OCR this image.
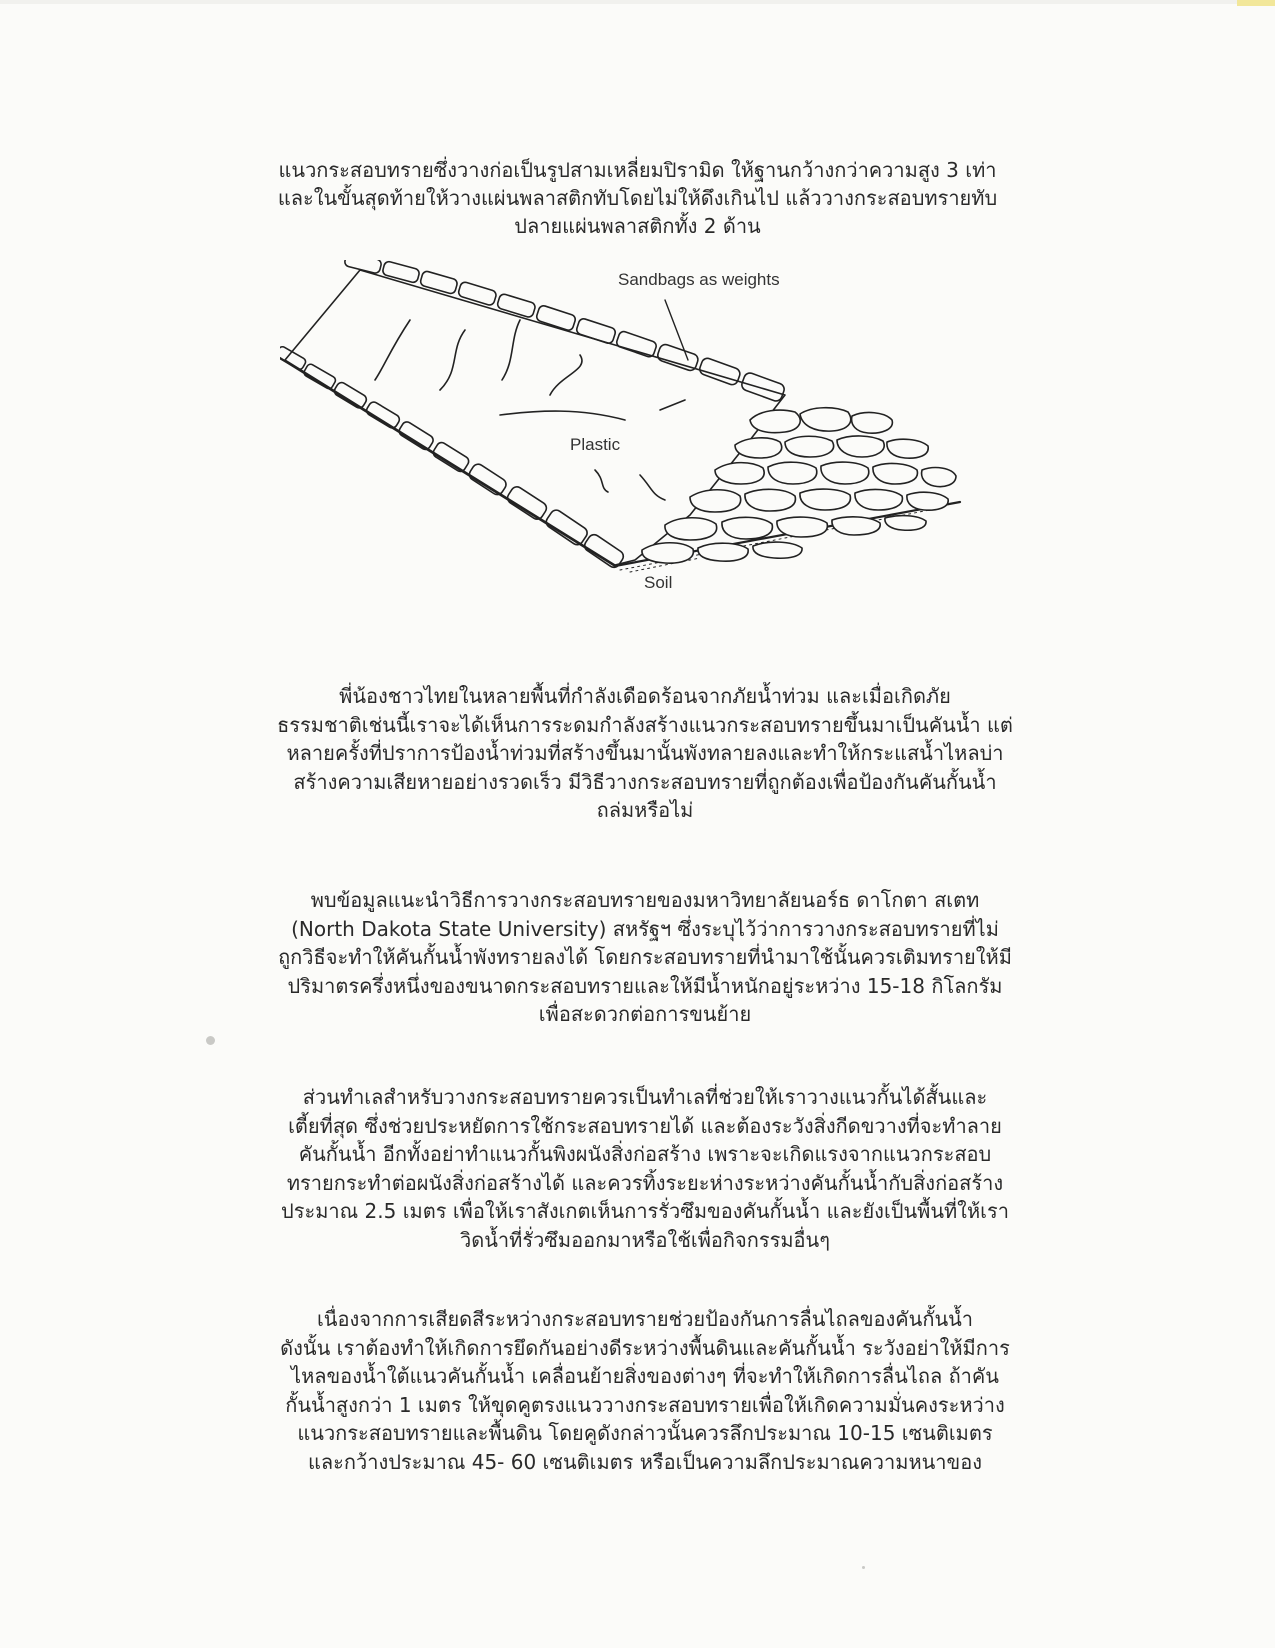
แนวกระสอบทรายซึ่งวางก่อเป็นรูปสามเหลี่ยมปิรามิด ให้ฐานกว้างกว่าความสูง 3 เท่า

และในขั้นสุดท้ายให้วางแผ่นพลาสติกทับโดยไม่ให้ดึงเกินไป แล้ววางกระสอบทรายทับ

ปลายแผ่นพลาสติกทั้ง 2 ด้าน

Sandbags as weights
Plastic
Soil

พี่น้องชาวไทยในหลายพื้นที่กำลังเดือดร้อนจากภัยน้ำท่วม และเมื่อเกิดภัย

ธรรมชาติเช่นนี้เราจะได้เห็นการระดมกำลังสร้างแนวกระสอบทรายขึ้นมาเป็นคันน้ำ แต่

หลายครั้งที่ปราการป้องน้ำท่วมที่สร้างขึ้นมานั้นพังทลายลงและทำให้กระแสน้ำไหลบ่า

สร้างความเสียหายอย่างรวดเร็ว มีวิธีวางกระสอบทรายที่ถูกต้องเพื่อป้องกันคันกั้นน้ำ

ถล่มหรือไม่

พบข้อมูลแนะนำวิธีการวางกระสอบทรายของมหาวิทยาลัยนอร์ธ ดาโกตา สเตท

(North Dakota State University) สหรัฐฯ ซึ่งระบุไว้ว่าการวางกระสอบทรายที่ไม่

ถูกวิธีจะทำให้คันกั้นน้ำพังทรายลงได้ โดยกระสอบทรายที่นำมาใช้นั้นควรเติมทรายให้มี

ปริมาตรครึ่งหนึ่งของขนาดกระสอบทรายและให้มีน้ำหนักอยู่ระหว่าง 15-18 กิโลกรัม

เพื่อสะดวกต่อการขนย้าย

ส่วนทำเลสำหรับวางกระสอบทรายควรเป็นทำเลที่ช่วยให้เราวางแนวกั้นได้สั้นและ

เตี้ยที่สุด ซึ่งช่วยประหยัดการใช้กระสอบทรายได้ และต้องระวังสิ่งกีดขวางที่จะทำลาย

คันกั้นน้ำ อีกทั้งอย่าทำแนวกั้นพิงผนังสิ่งก่อสร้าง เพราะจะเกิดแรงจากแนวกระสอบ

ทรายกระทำต่อผนังสิ่งก่อสร้างได้ และควรทิ้งระยะห่างระหว่างคันกั้นน้ำกับสิ่งก่อสร้าง

ประมาณ 2.5 เมตร เพื่อให้เราสังเกตเห็นการรั่วซึมของคันกั้นน้ำ และยังเป็นพื้นที่ให้เรา

วิดน้ำที่รั่วซึมออกมาหรือใช้เพื่อกิจกรรมอื่นๆ

เนื่องจากการเสียดสีระหว่างกระสอบทรายช่วยป้องกันการลื่นไถลของคันกั้นน้ำ

ดังนั้น เราต้องทำให้เกิดการยึดกันอย่างดีระหว่างพื้นดินและคันกั้นน้ำ ระวังอย่าให้มีการ

ไหลของน้ำใต้แนวคันกั้นน้ำ เคลื่อนย้ายสิ่งของต่างๆ ที่จะทำให้เกิดการลื่นไถล ถ้าคัน

กั้นน้ำสูงกว่า 1 เมตร ให้ขุดคูตรงแนววางกระสอบทรายเพื่อให้เกิดความมั่นคงระหว่าง

แนวกระสอบทรายและพื้นดิน โดยคูดังกล่าวนั้นควรลึกประมาณ 10-15 เซนติเมตร

และกว้างประมาณ 45- 60 เซนติเมตร หรือเป็นความลึกประมาณความหนาของ
